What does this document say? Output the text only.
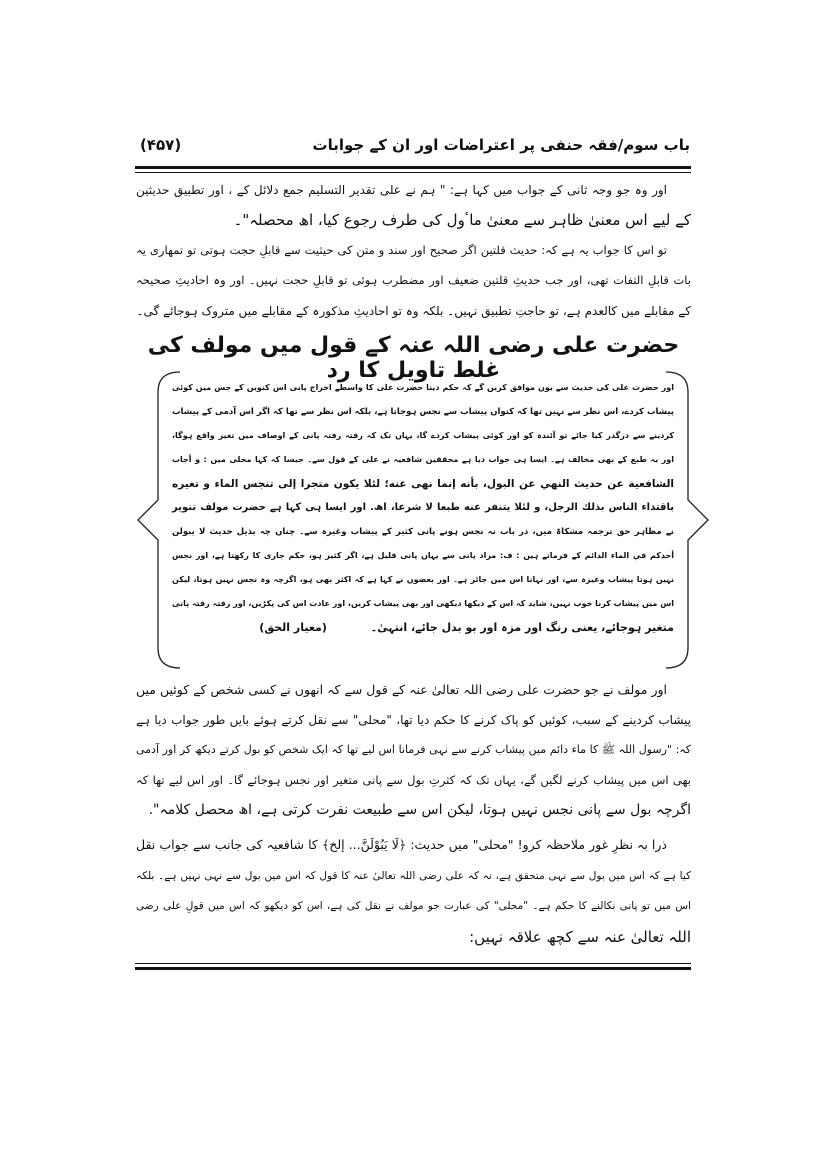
باب سوم/فقہ حنفی پر اعتراضات اور ان کے جوابات
(۴۵۷)
اور وہ جو وجہ ثانی کے جواب میں کہا ہے: " ہم نے علی تقدیر التسلیم جمع دلائل کے ، اور تطبیق حدیثین
کے لیے اس معنیٰ ظاہر سے معنیٰ ماٴول کی طرف رجوع کیا، اھ محصلہ"۔
تو اس کا جواب یہ ہے کہ: حدیث قلتین اگر صحیح اور سند و متن کی حیثیت سے قابلِ حجت ہوتی تو تمھاری یہ
بات قابلِ التفات تھی، اور جب حدیثِ قلتین ضعیف اور مضطرب ہوئی تو قابلِ حجت نہیں۔ اور وہ احادیثِ صحیحہ
کے مقابلے میں کالعدم ہے، تو حاجتِ تطبیق نہیں۔ بلکہ وہ تو احادیثِ مذکورہ کے مقابلے میں متروک ہوجائے گی۔
حضرت علی رضی اللہ عنہ کے قول میں مولف کی غلط تاویل کا رد
اور حضرت علی کی حدیث سے یوں موافق کریں گے کہ حکم دینا حضرت علی کا واسطے اخراج پانی اس کنویں کے جس میں کوئی
پیشاب کردے، اس نظر سے نہیں تھا کہ کنواں پیشاب سے نجس ہوجاتا ہے، بلکہ اس نظر سے تھا کہ اگر اس آدمی کے پیشاب
کردینے سے درگذر کیا جائے تو آئندہ کو اور کوئی پیشاب کردے گا، یہاں تک کہ رفتہ رفتہ پانی کے اوصاف میں تغیر واقع ہوگا،
اور یہ طبع کے بھی مخالف ہے۔ ایسا ہی جواب دیا ہے محققین شافعیہ نے علی کے قول سے۔ جیسا کہ کہا محلی میں : و أجاب
الشافعية عن حديث النهي عن البول، بأنه إنما نهى عنه؛ لئلا يكون متجرا إلى تنجس الماء و تغيره
باقتداء الناس بذلك الرجل، و لئلا يتنفر عنه طبعا لا شرعا، اھ. اور ایسا ہی کہا ہے حضرت مولف تنویر
نے مظاہر حق ترجمہ مشکاۃ میں، در باب نہ نجس ہونے پانی کثیر کے پیشاب وغیرہ سے۔ چناں چہ بذیل حدیث لا یبولن
أحدكم في الماء الدائم کے فرماتے ہیں : ف: مراد پانی سے یہاں پانی قلیل ہے، اگر کثیر ہو، حکم جاری کا رکھتا ہے، اور نجس
نہیں ہوتا پیشاب وغیرہ سے، اور نہانا اس میں جائز ہے۔ اور بعضوں نے کہا ہے کہ اکثر بھی ہو، اگرچہ وہ نجس نہیں ہوتا، لیکن
اس میں پیشاب کرنا خوب نہیں، شاید کہ اس کے دیکھا دیکھی اور بھی پیشاب کریں، اور عادت اس کی پکڑیں، اور رفتہ رفتہ پانی
متغیر ہوجائے، یعنی رنگ اور مزہ اور بو بدل جائے، انتہیٰ۔ (معیار الحق)
اور مولف نے جو حضرت علی رضی اللہ تعالیٰ عنہ کے قول سے کہ انھوں نے کسی شخص کے کوئیں میں
پیشاب کردینے کے سبب، کوئیں کو پاک کرنے کا حکم دیا تھا، "محلی" سے نقل کرتے ہوئے بایں طور جواب دیا ہے
کہ: "رسول اللہ ﷺ کا ماء دائم میں پیشاب کرنے سے نہی فرمانا اس لیے تھا کہ ایک شخص کو بول کرتے دیکھ کر اور آدمی
بھی اس میں پیشاب کرنے لگیں گے، یہاں تک کہ کثرتِ بول سے پانی متغیر اور نجس ہوجائے گا۔ اور اس لیے تھا کہ
اگرچہ بول سے پانی نجس نہیں ہوتا، لیکن اس سے طبیعت نفرت کرتی ہے، اھ محصل کلامہ".
ذرا بہ نظرِ غور ملاحظہ کرو! "محلی" میں حدیث: ﴿لَا يَبُوْلَنَّ... إلخ﴾ کا شافعیہ کی جانب سے جواب نقل
کیا ہے کہ اس میں بول سے نہی متحقق ہے، نہ کہ علی رضی اللہ تعالیٰ عنہ کا قول کہ اس میں بول سے نہی نہیں ہے۔ بلکہ
اس میں تو پانی نکالنے کا حکم ہے۔ "محلی" کی عبارت جو مولف نے نقل کی ہے، اس کو دیکھو کہ اس میں قولِ علی رضی
اللہ تعالیٰ عنہ سے کچھ علاقہ نہیں:
